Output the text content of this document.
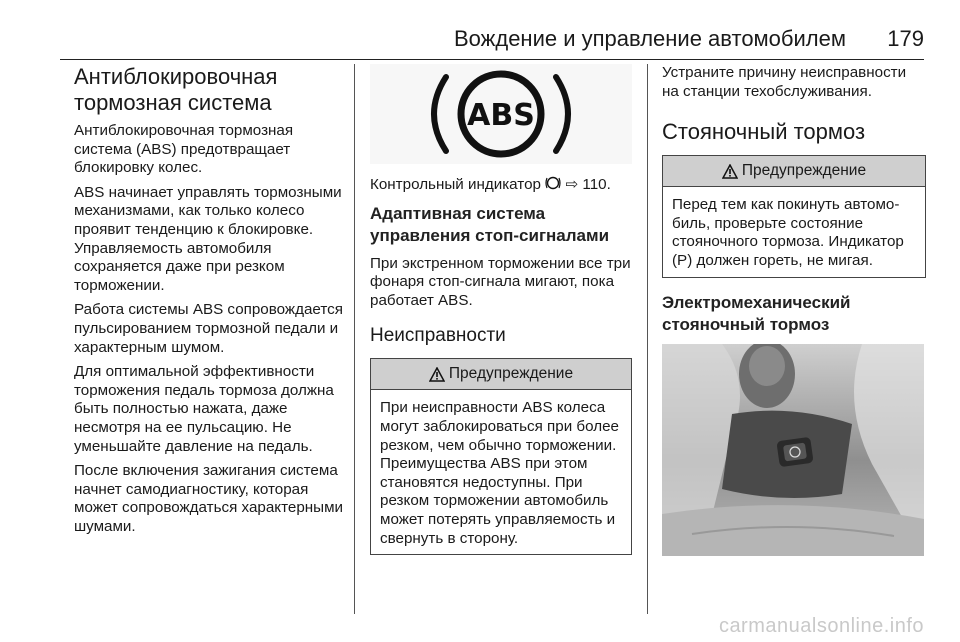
Вождение и управление автомобилем 179
Антиблокировочная
тормозная система

Антиблокировочная тормозная система (ABS) предотвращает блокировку колес.

ABS начинает управлять тормозными механизмами, как только колесо проявит тенденцию к блокировке. Управляемость автомобиля сохраняется даже при резком торможении.

Работа системы ABS сопровождается пульсированием тормозной педали и характерным шумом.

Для оптимальной эффективности торможения педаль тормоза должна быть полностью нажата, даже несмотря на ее пульсацию. Не уменьшайте давление на педаль.

После включения зажигания система начнет самодиагностику, которая может сопровождаться характерными шумами.

ABS

Контрольный индикатор ⇨ 110.

Адаптивная система
управления стоп-сигналами

При экстренном торможении все три фонаря стоп-сигнала мигают, пока работает ABS.

Неисправности
Предупреждение

При неисправности ABS колеса могут заблокироваться при более резком, чем обычно торможении. Преимущества ABS при этом становятся недоступны. При резком торможении автомобиль может потерять управляемость и свернуть в сторону.

Устраните причину неисправности на станции техобслуживания.

Стояночный тормоз
Предупреждение

Перед тем как покинуть автомобиль, проверьте состояние стояночного тормоза. Индикатор (P) должен гореть, не мигая.

Электромеханический
стояночный тормоз
carmanualsonline.info
